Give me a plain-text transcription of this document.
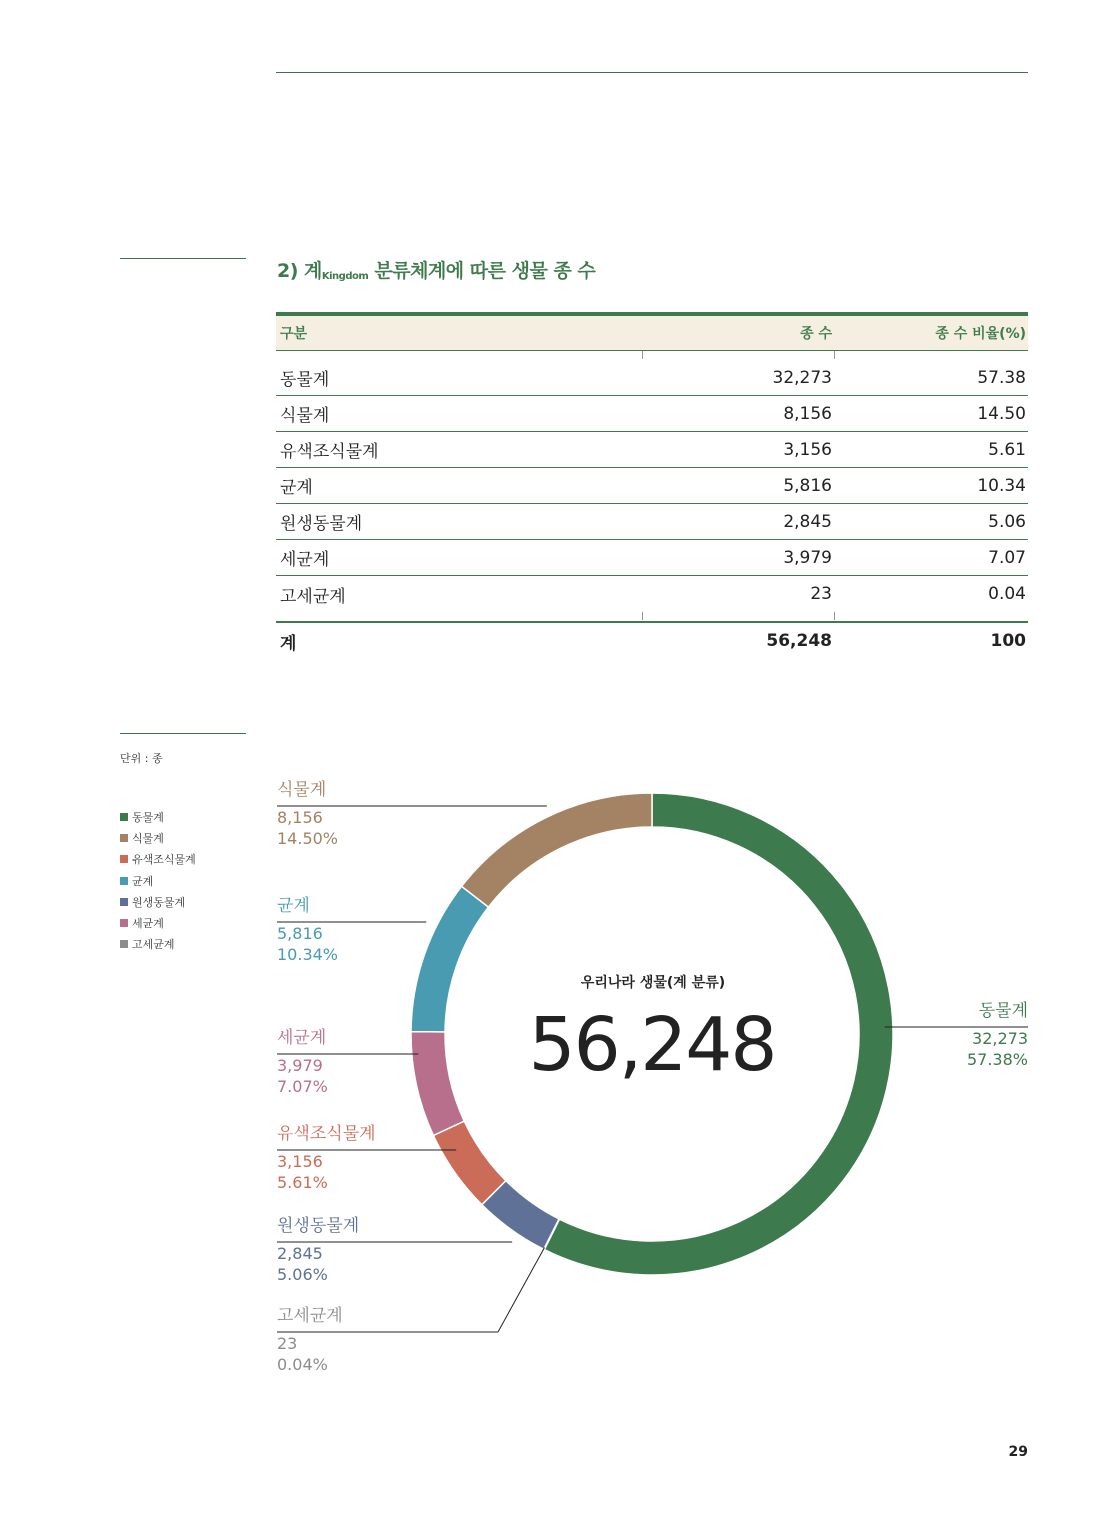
2) 계$_{Kingdom}$ 분류체계에 따른 생물 종 수
구분	종 수	종 수 비율(%)
동물계	32,273	57.38
식물계	8,156	14.50
유색조식물계	3,156	5.61
균계	5,816	10.34
원생동물계	2,845	5.06
세균계	3,979	7.07
고세균계	23	0.04
계	56,248	100
단위 : 종
동물계
식물계
유색조식물계
균계
원생동물계
세균계
고세균계
우리나라 생물(계 분류)
56,248	동물계
32,273
57.38%
고세균계
23
0.04%
원생동물계
2,845
5.06%
유색조식물계
3,156
5.61%
세균계
3,979
7.07%
균계
5,816
10.34%
식물계
8,156
14.50%
29
